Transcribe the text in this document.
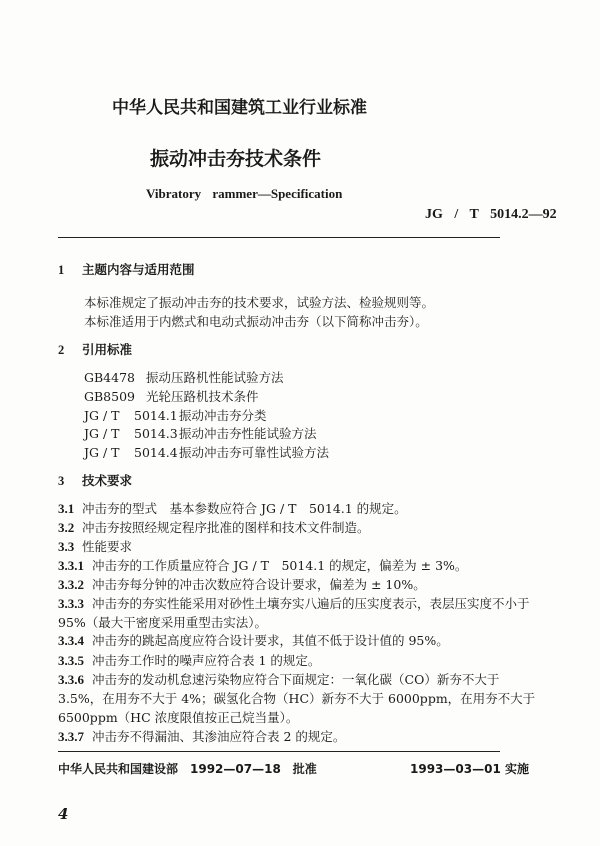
中华人民共和国建筑工业行业标准
振动冲击夯技术条件
Vibratory rammer—Specification
JG / T 5014.2—92
1 主题内容与适用范围
本标准规定了振动冲击夯的技术要求，试验方法、检验规则等。
本标准适用于内燃式和电动式振动冲击夯（以下简称冲击夯）。
2 引用标准
GB4478 振动压路机性能试验方法
GB8509 光轮压路机技术条件
JG / T 5014.1振动冲击夯分类
JG / T 5014.3振动冲击夯性能试验方法
JG / T 5014.4振动冲击夯可靠性试验方法
3 技术要求
3.1 冲击夯的型式　基本参数应符合 JG / T　5014.1 的规定。
3.2 冲击夯按照经规定程序批准的图样和技术文件制造。
3.3 性能要求
3.3.1 冲击夯的工作质量应符合 JG / T　5014.1 的规定，偏差为 ± 3%。
3.3.2 冲击夯每分钟的冲击次数应符合设计要求，偏差为 ± 10%。
3.3.3 冲击夯的夯实性能采用对砂性土壤夯实八遍后的压实度表示，表层压实度不小于
95%（最大干密度采用重型击实法）。
3.3.4 冲击夯的跳起高度应符合设计要求，其值不低于设计值的 95%。
3.3.5 冲击夯工作时的噪声应符合表 1 的规定。
3.3.6 冲击夯的发动机怠速污染物应符合下面规定：一氧化碳（CO）新夯不大于
3.5%，在用夯不大于 4%；碳氢化合物（HC）新夯不大于 6000ppm，在用夯不大于
6500ppm（HC 浓度限值按正己烷当量）。
3.3.7 冲击夯不得漏油、其渗油应符合表 2 的规定。
中华人民共和国建设部　1992—07—18　批准	1993—03—01 实施
4
